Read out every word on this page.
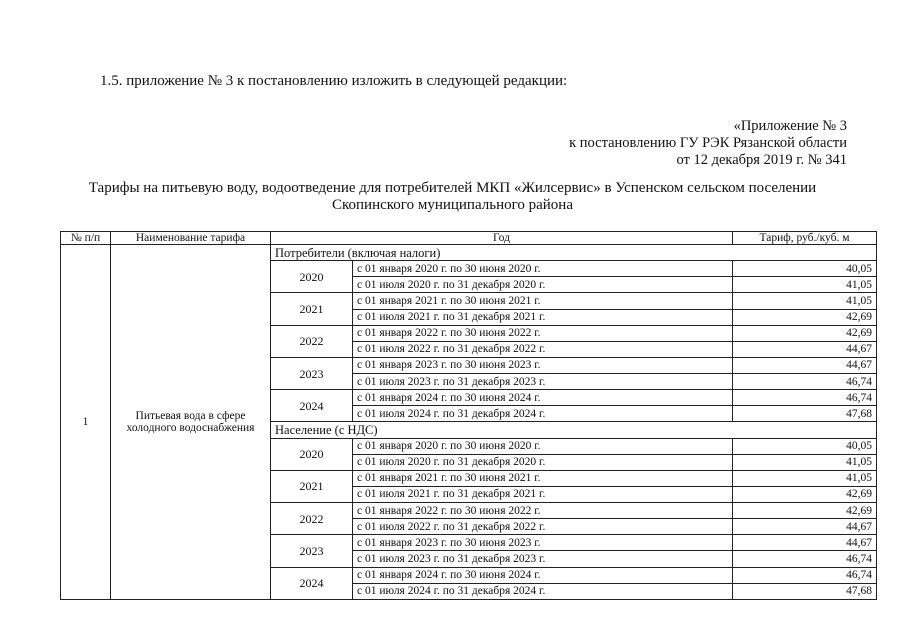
1.5. приложение № 3 к постановлению изложить в следующей редакции:
«Приложение № 3
к постановлению ГУ РЭК Рязанской области
от 12 декабря 2019 г. № 341
Тарифы на питьевую воду, водоотведение для потребителей МКП «Жилсервис» в Успенском сельском поселении
Скопинского муниципального района
№ п/п	Наименование тарифа	Год		Тариф, руб./куб. м
1	Питьевая вода в сфере холодного водоснабжения	Потребители (включая налоги)		
		2020	с 01 января 2020 г. по 30 июня 2020 г.	40,05
			с 01 июля 2020 г. по 31 декабря 2020 г.	41,05
		2021	с 01 января 2021 г. по 30 июня 2021 г.	41,05
			с 01 июля 2021 г. по 31 декабря 2021 г.	42,69
		2022	с 01 января 2022 г. по 30 июня 2022 г.	42,69
			с 01 июля 2022 г. по 31 декабря 2022 г.	44,67
		2023	с 01 января 2023 г. по 30 июня 2023 г.	44,67
			с 01 июля 2023 г. по 31 декабря 2023 г.	46,74
		2024	с 01 января 2024 г. по 30 июня 2024 г.	46,74
			с 01 июля 2024 г. по 31 декабря 2024 г.	47,68
		Население (с НДС)		
		2020	с 01 января 2020 г. по 30 июня 2020 г.	40,05
			с 01 июля 2020 г. по 31 декабря 2020 г.	41,05
		2021	с 01 января 2021 г. по 30 июня 2021 г.	41,05
			с 01 июля 2021 г. по 31 декабря 2021 г.	42,69
		2022	с 01 января 2022 г. по 30 июня 2022 г.	42,69
			с 01 июля 2022 г. по 31 декабря 2022 г.	44,67
		2023	с 01 января 2023 г. по 30 июня 2023 г.	44,67
			с 01 июля 2023 г. по 31 декабря 2023 г.	46,74
		2024	с 01 января 2024 г. по 30 июня 2024 г.	46,74
			с 01 июля 2024 г. по 31 декабря 2024 г.	47,68
